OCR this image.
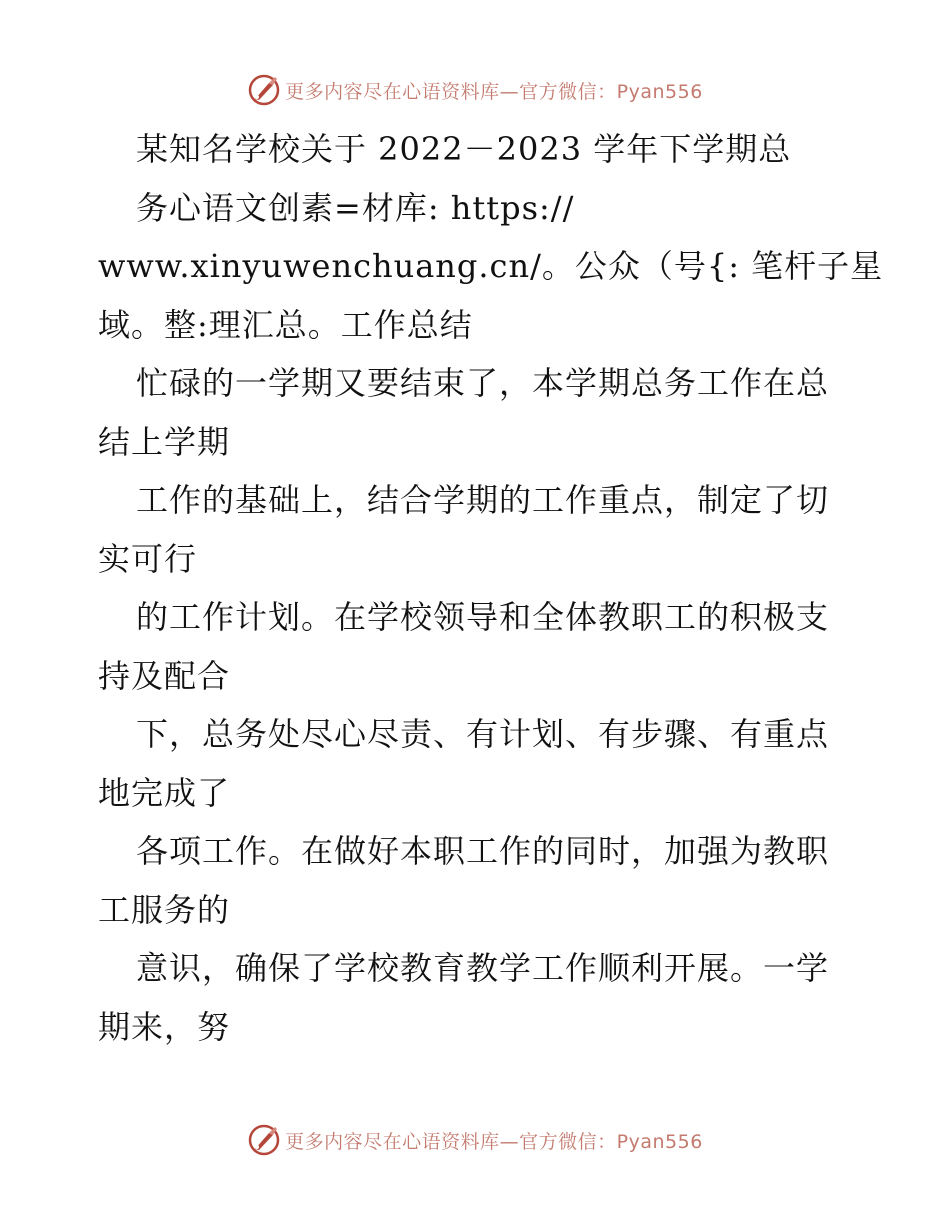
更多内容尽在心语资料库—官方微信：Pyan556
某知名学校关于 2022－2023 学年下学期总
务心语文创素=材库: https://
www.xinyuwenchuang.cn/。公众（号{: 笔杆子星
域。整:理汇总。工作总结
忙碌的一学期又要结束了，本学期总务工作在总
结上学期
工作的基础上，结合学期的工作重点，制定了切
实可行
的工作计划。在学校领导和全体教职工的积极支
持及配合
下，总务处尽心尽责、有计划、有步骤、有重点
地完成了
各项工作。在做好本职工作的同时，加强为教职
工服务的
意识，确保了学校教育教学工作顺利开展。一学
期来，努
更多内容尽在心语资料库—官方微信：Pyan556
